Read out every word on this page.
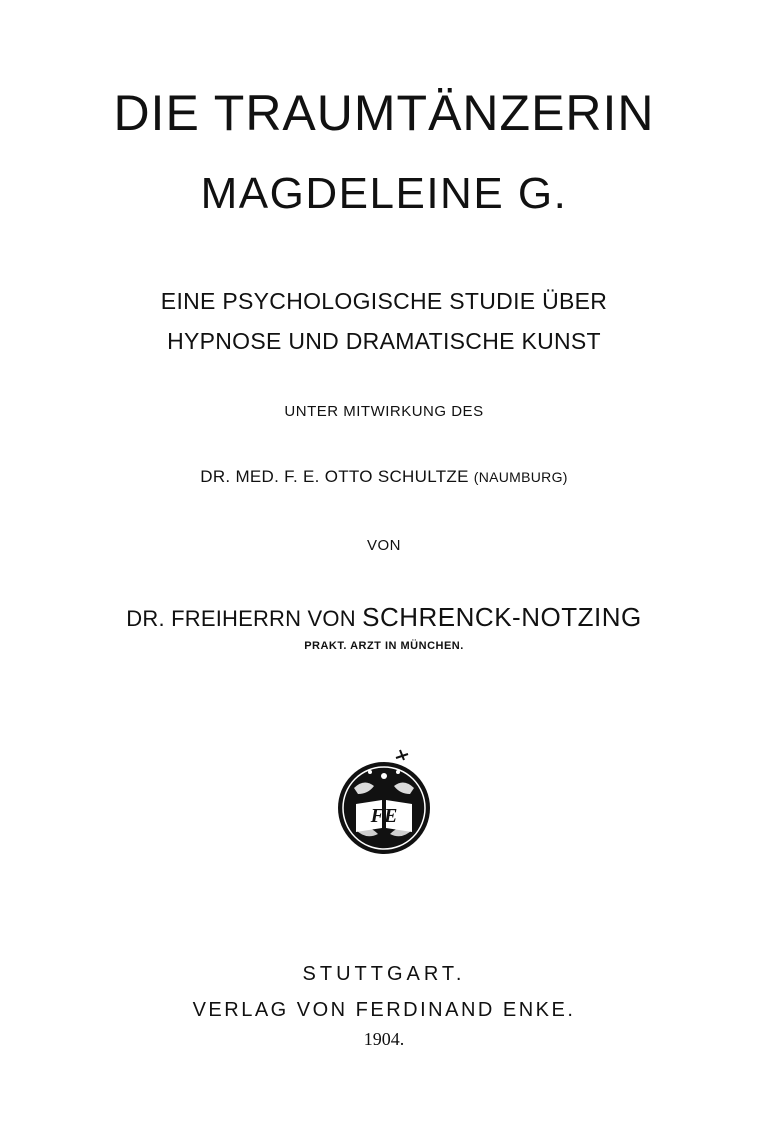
DIE TRAUMTÄNZERIN
MAGDELEINE G.
EINE PSYCHOLOGISCHE STUDIE ÜBER
HYPNOSE UND DRAMATISCHE KUNST
UNTER MITWIRKUNG DES
DR. MED. F. E. OTTO SCHULTZE (NAUMBURG)
VON
DR. FREIHERRN VON SCHRENCK-NOTZING
PRAKT. ARZT IN MÜNCHEN.
FE
STUTTGART.
VERLAG VON FERDINAND ENKE.
1904.
